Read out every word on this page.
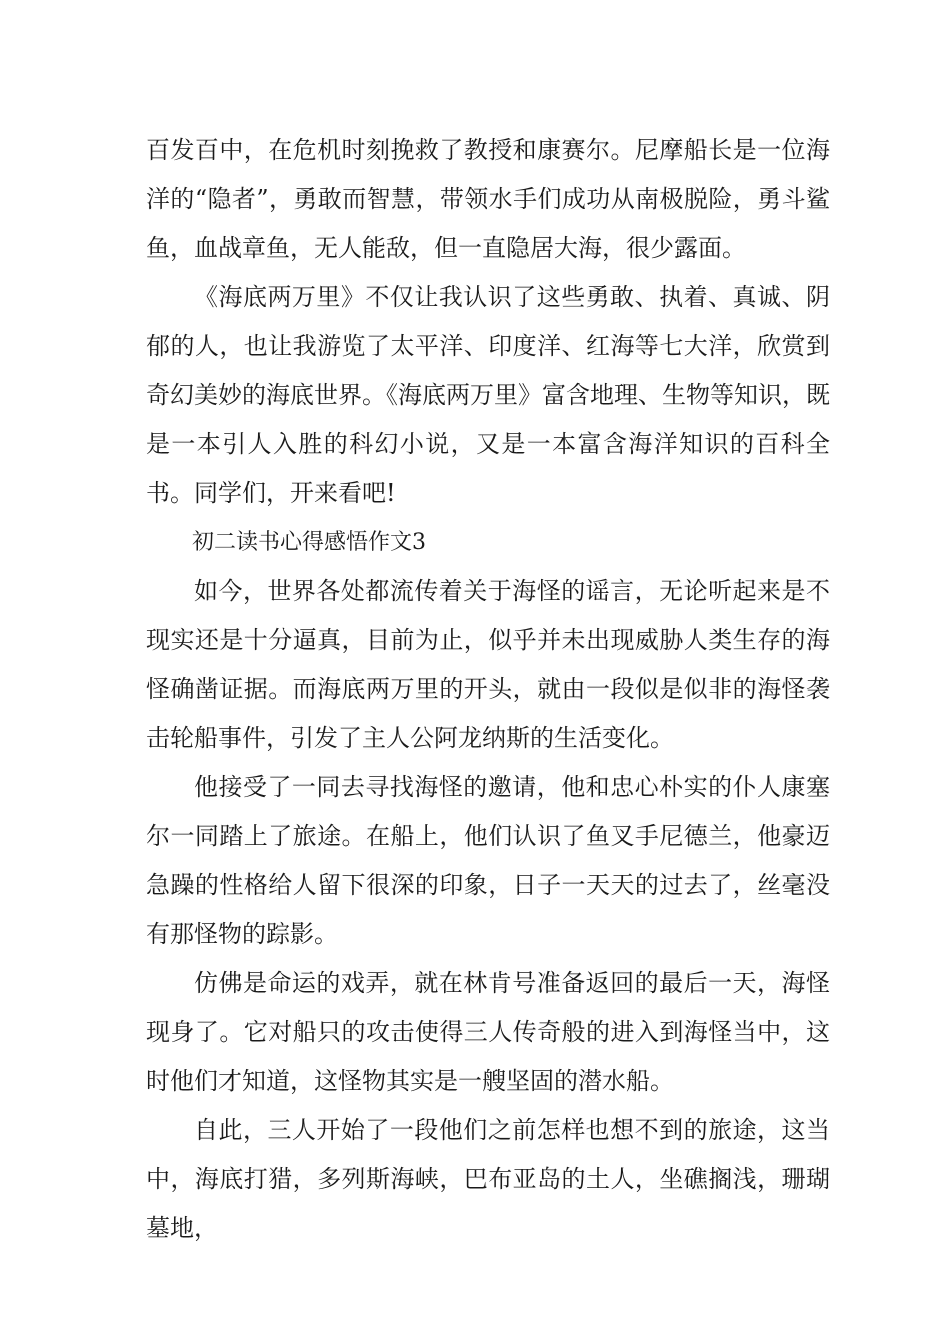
百发百中，在危机时刻挽救了教授和康赛尔。尼摩船长是一位海洋的“隐者”，勇敢而智慧，带领水手们成功从南极脱险，勇斗鲨鱼，血战章鱼，无人能敌，但一直隐居大海，很少露面。

《海底两万里》不仅让我认识了这些勇敢、执着、真诚、阴郁的人，也让我游览了太平洋、印度洋、红海等七大洋，欣赏到奇幻美妙的海底世界。《海底两万里》富含地理、生物等知识，既是一本引人入胜的科幻小说，又是一本富含海洋知识的百科全书。同学们，开来看吧!

初二读书心得感悟作文3

如今，世界各处都流传着关于海怪的谣言，无论听起来是不现实还是十分逼真，目前为止，似乎并未出现威胁人类生存的海怪确凿证据。而海底两万里的开头，就由一段似是似非的海怪袭击轮船事件，引发了主人公阿龙纳斯的生活变化。

他接受了一同去寻找海怪的邀请，他和忠心朴实的仆人康塞尔一同踏上了旅途。在船上，他们认识了鱼叉手尼德兰，他豪迈急躁的性格给人留下很深的印象，日子一天天的过去了，丝毫没有那怪物的踪影。

仿佛是命运的戏弄，就在林肯号准备返回的最后一天，海怪现身了。它对船只的攻击使得三人传奇般的进入到海怪当中，这时他们才知道，这怪物其实是一艘坚固的潜水船。

自此，三人开始了一段他们之前怎样也想不到的旅途，这当中，海底打猎，多列斯海峡，巴布亚岛的土人，坐礁搁浅，珊瑚墓地，
